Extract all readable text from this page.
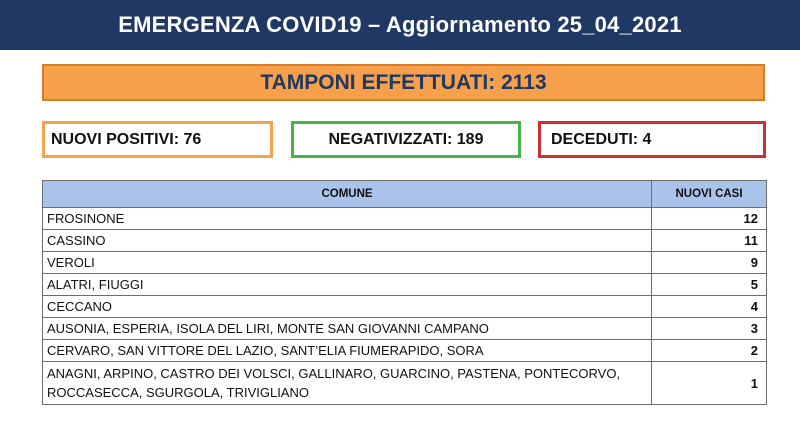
EMERGENZA COVID19 – Aggiornamento 25_04_2021
TAMPONI EFFETTUATI: 2113
NUOVI POSITIVI: 76	NEGATIVIZZATI: 189	DECEDUTI: 4
COMUNE	NUOVI CASI
FROSINONE	12
CASSINO	11
VEROLI	9
ALATRI, FIUGGI	5
CECCANO	4
AUSONIA, ESPERIA, ISOLA DEL LIRI, MONTE SAN GIOVANNI CAMPANO	3
CERVARO, SAN VITTORE DEL LAZIO, SANT’ELIA FIUMERAPIDO, SORA	2
ANAGNI, ARPINO, CASTRO DEI VOLSCI, GALLINARO, GUARCINO, PASTENA, PONTECORVO, ROCCASECCA, SGURGOLA, TRIVIGLIANO	1
